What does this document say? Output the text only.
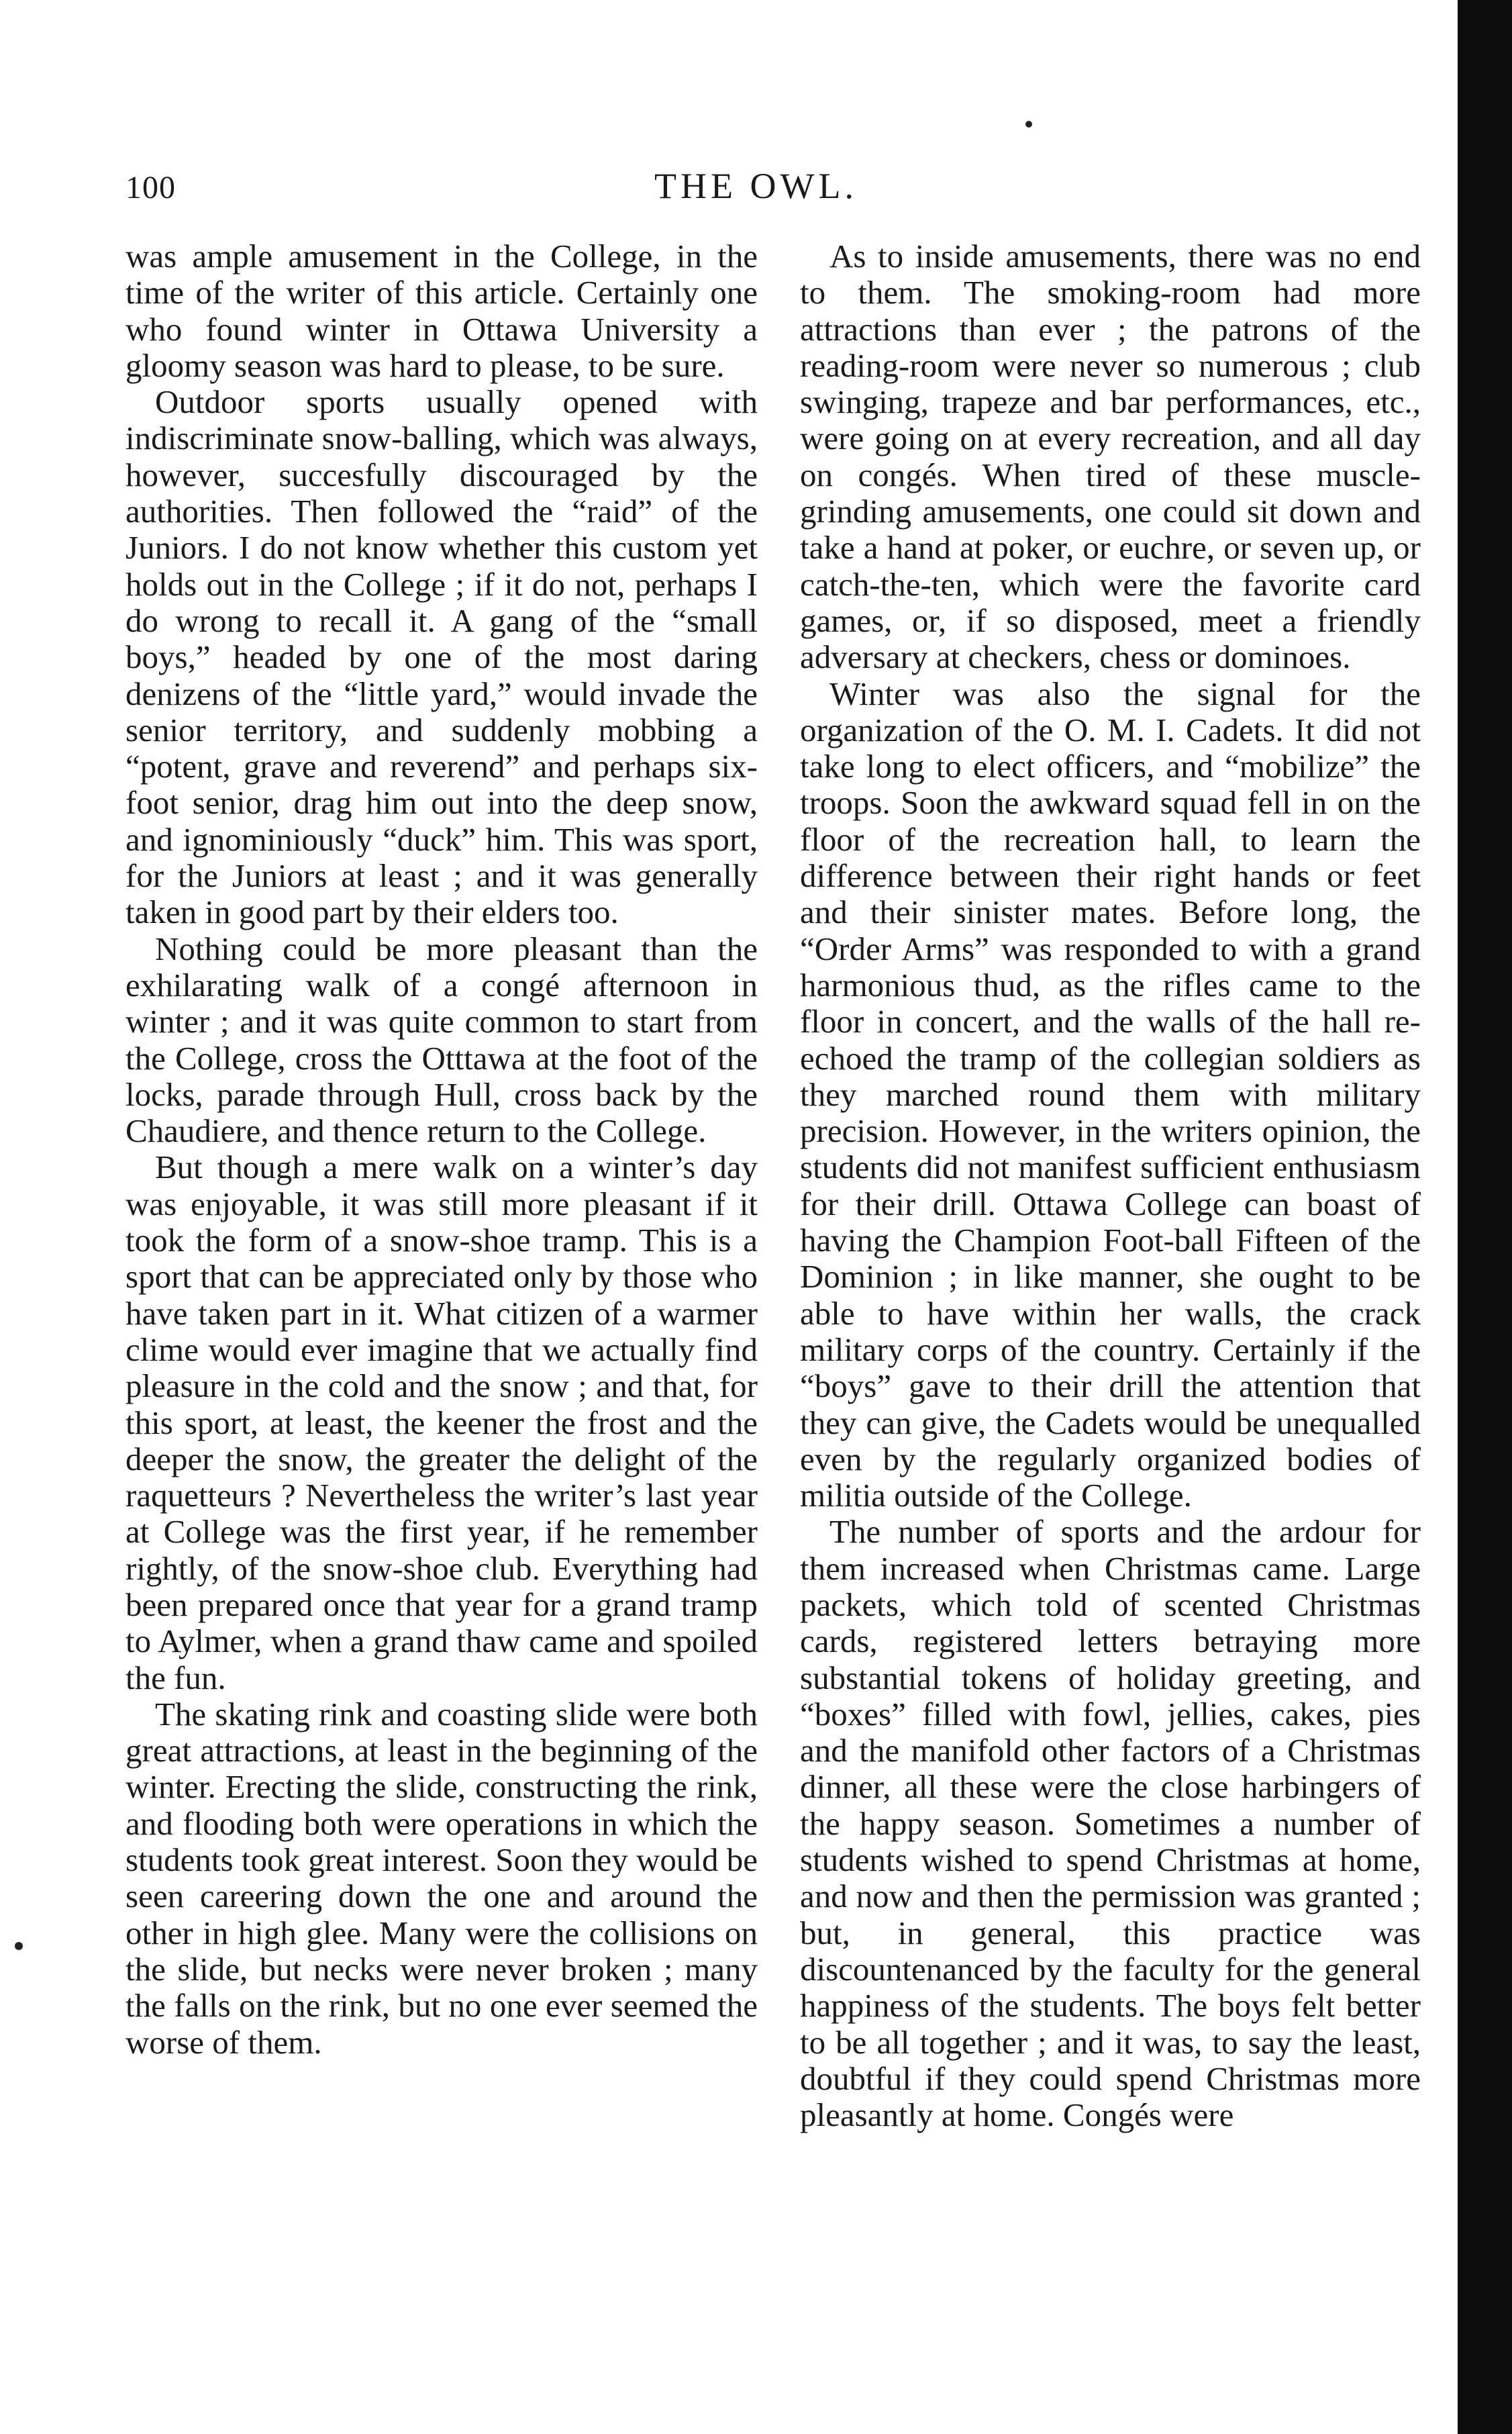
100	THE OWL.

was ample amusement in the College, in the time of the writer of this article. Certainly one who found winter in Ottawa University a gloomy season was hard to please, to be sure.

Outdoor sports usually opened with indiscriminate snow-balling, which was always, however, succesfully discouraged by the authorities. Then followed the “raid” of the Juniors. I do not know whether this custom yet holds out in the College ; if it do not, perhaps I do wrong to recall it. A gang of the “small boys,” headed by one of the most daring denizens of the “little yard,” would invade the senior territory, and suddenly mobbing a “potent, grave and reverend” and perhaps six-foot senior, drag him out into the deep snow, and ignominiously “duck” him. This was sport, for the Juniors at least ; and it was generally taken in good part by their elders too.

Nothing could be more pleasant than the exhilarating walk of a congé afternoon in winter ; and it was quite common to start from the College, cross the Otttawa at the foot of the locks, parade through Hull, cross back by the Chaudiere, and thence return to the College.

But though a mere walk on a winter’s day was enjoyable, it was still more pleasant if it took the form of a snow-shoe tramp. This is a sport that can be appreciated only by those who have taken part in it. What citizen of a warmer clime would ever imagine that we actually find pleasure in the cold and the snow ; and that, for this sport, at least, the keener the frost and the deeper the snow, the greater the delight of the raquetteurs ? Nevertheless the writer’s last year at College was the first year, if he remember rightly, of the snow-shoe club. Everything had been prepared once that year for a grand tramp to Aylmer, when a grand thaw came and spoiled the fun.

The skating rink and coasting slide were both great attractions, at least in the beginning of the winter. Erecting the slide, constructing the rink, and flooding both were operations in which the students took great interest. Soon they would be seen careering down the one and around the other in high glee. Many were the collisions on the slide, but necks were never broken ; many the falls on the rink, but no one ever seemed the worse of them.

As to inside amusements, there was no end to them. The smoking-room had more attractions than ever ; the patrons of the reading-room were never so numerous ; club swinging, trapeze and bar performances, etc., were going on at every recreation, and all day on congés. When tired of these muscle-grinding amusements, one could sit down and take a hand at poker, or euchre, or seven up, or catch-the-ten, which were the favorite card games, or, if so disposed, meet a friendly adversary at checkers, chess or dominoes.

Winter was also the signal for the organization of the O. M. I. Cadets. It did not take long to elect officers, and “mobilize” the troops. Soon the awkward squad fell in on the floor of the recreation hall, to learn the difference between their right hands or feet and their sinister mates. Before long, the “Order Arms” was responded to with a grand harmonious thud, as the rifles came to the floor in concert, and the walls of the hall re-echoed the tramp of the collegian soldiers as they marched round them with military precision. However, in the writers opinion, the students did not manifest sufficient enthusiasm for their drill. Ottawa College can boast of having the Champion Foot-ball Fifteen of the Dominion ; in like manner, she ought to be able to have within her walls, the crack military corps of the country. Certainly if the “boys” gave to their drill the attention that they can give, the Cadets would be unequalled even by the regularly organized bodies of militia outside of the College.

The number of sports and the ardour for them increased when Christmas came. Large packets, which told of scented Christmas cards, registered letters betraying more substantial tokens of holiday greeting, and “boxes” filled with fowl, jellies, cakes, pies and the manifold other factors of a Christmas dinner, all these were the close harbingers of the happy season. Sometimes a number of students wished to spend Christmas at home, and now and then the permission was granted ; but, in general, this practice was discountenanced by the faculty for the general happiness of the students. The boys felt better to be all together ; and it was, to say the least, doubtful if they could spend Christmas more pleasantly at home. Congés were
